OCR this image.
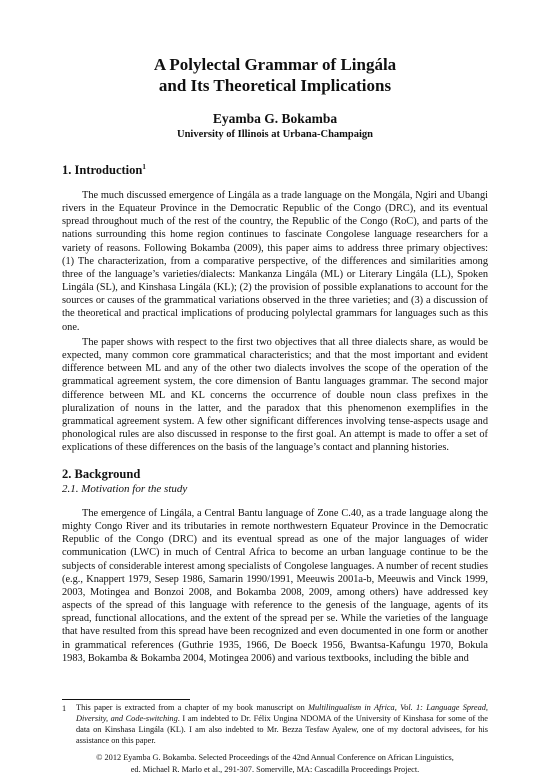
A Polylectal Grammar of Lingála
and Its Theoretical Implications
Eyamba G. Bokamba
University of Illinois at Urbana-Champaign
1. Introduction$^1$

The much discussed emergence of Lingála as a trade language on the Mongála, Ngiri and Ubangi rivers in the Equateur Province in the Democratic Republic of the Congo (DRC), and its eventual spread throughout much of the rest of the country, the Republic of the Congo (RoC), and parts of the nations surrounding this home region continues to fascinate Congolese language researchers for a variety of reasons. Following Bokamba (2009), this paper aims to address three primary objectives: (1) The characterization, from a comparative perspective, of the differences and similarities among three of the language’s varieties/dialects: Mankanza Lingála (ML) or Literary Lingála (LL), Spoken Lingála (SL), and Kinshasa Lingála (KL); (2) the provision of possible explanations to account for the sources or causes of the grammatical variations observed in the three varieties; and (3) a discussion of the theoretical and practical implications of producing polylectal grammars for languages such as this one.

The paper shows with respect to the first two objectives that all three dialects share, as would be expected, many common core grammatical characteristics; and that the most important and evident difference between ML and any of the other two dialects involves the scope of the operation of the grammatical agreement system, the core dimension of Bantu languages grammar. The second major difference between ML and KL concerns the occurrence of double noun class prefixes in the pluralization of nouns in the latter, and the paradox that this phenomenon exemplifies in the grammatical agreement system. A few other significant differences involving tense-aspects usage and phonological rules are also discussed in response to the first goal. An attempt is made to offer a set of explications of these differences on the basis of the language’s contact and planning histories.

2. Background
2.1. Motivation for the study

The emergence of Lingála, a Central Bantu language of Zone C.40, as a trade language along the mighty Congo River and its tributaries in remote northwestern Equateur Province in the Democratic Republic of the Congo (DRC) and its eventual spread as one of the major languages of wider communication (LWC) in much of Central Africa to become an urban language continue to be the subjects of considerable interest among specialists of Congolese languages. A number of recent studies (e.g., Knappert 1979, Sesep 1986, Samarin 1990/1991, Meeuwis 2001a-b, Meeuwis and Vinck 1999, 2003, Motingea and Bonzoi 2008, and Bokamba 2008, 2009, among others) have addressed key aspects of the spread of this language with reference to the genesis of the language, agents of its spread, functional allocations, and the extent of the spread per se. While the varieties of the language that have resulted from this spread have been recognized and even documented in one form or another in grammatical references (Guthrie 1935, 1966, De Boeck 1956, Bwantsa-Kafungu 1970, Bokula 1983, Bokamba & Bokamba 2004, Motingea 2006) and various textbooks, including the bible and

1 This paper is extracted from a chapter of my book manuscript on Multilingualism in Africa, Vol. 1: Language Spread, Diversity, and Code-switching. I am indebted to Dr. Félix Ungina NDOMA of the University of Kinshasa for some of the data on Kinshasa Lingála (KL). I am also indebted to Mr. Bezza Tesfaw Ayalew, one of my doctoral advisees, for his assistance on this paper.
© 2012 Eyamba G. Bokamba. Selected Proceedings of the 42nd Annual Conference on African Linguistics,
ed. Michael R. Marlo et al., 291-307. Somerville, MA: Cascadilla Proceedings Project.
